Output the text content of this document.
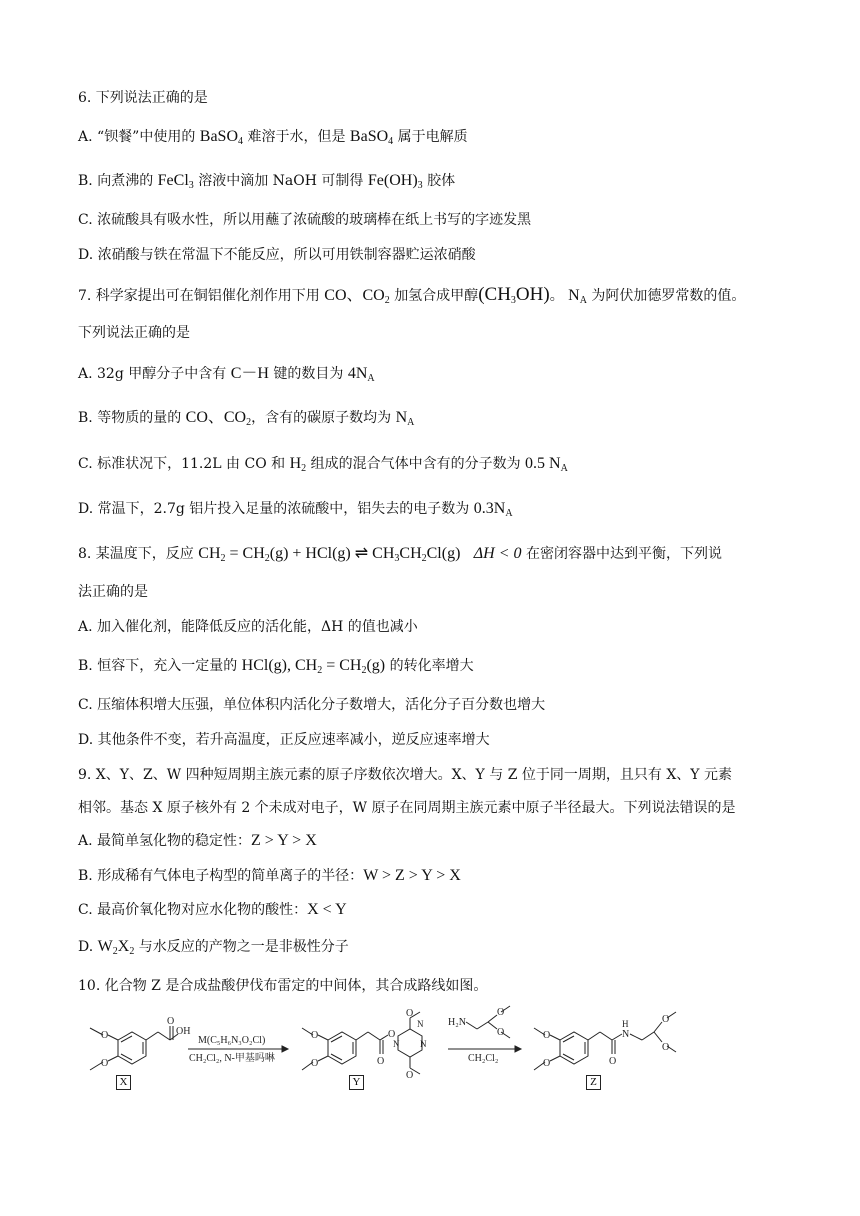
6. 下列说法正确的是
A. “钡餐”中使用的 BaSO$_4$ 难溶于水，但是 BaSO$_4$ 属于电解质
B. 向煮沸的 FeCl$_3$ 溶液中滴加 NaOH 可制得 $Fe(OH)_3$ 胶体
C. 浓硫酸具有吸水性，所以用蘸了浓硫酸的玻璃棒在纸上书写的字迹发黑
D. 浓硝酸与铁在常温下不能反应，所以可用铁制容器贮运浓硝酸
7. 科学家提出可在铜铝催化剂作用下用 CO、$CO_2$ 加氢合成甲醇$(CH_3OH)$。 $N_A$ 为阿伏加德罗常数的值。
下列说法正确的是
A. 32g 甲醇分子中含有 C－H 键的数目为 $4N_A$
B. 等物质的量的 CO、$CO_2$，含有的碳原子数均为 $N_A$
C. 标准状况下，11.2L 由 CO 和 $H_2$ 组成的混合气体中含有的分子数为 0.5 $N_A$
D. 常温下，2.7g 铝片投入足量的浓硫酸中，铝失去的电子数为 $0.3N_A$
8. 某温度下，反应 $CH_2 = CH_2(g) + HCl(g)$ ⇌ $CH_3CH_2Cl(g) \Delta H < 0$ 在密闭容器中达到平衡，下列说
法正确的是
A. 加入催化剂，能降低反应的活化能，ΔH 的值也减小
B. 恒容下，充入一定量的 HCl(g), $CH_2 = CH_2(g)$ 的转化率增大
C. 压缩体积增大压强，单位体积内活化分子数增大，活化分子百分数也增大
D. 其他条件不变，若升高温度，正反应速率减小，逆反应速率增大
9. X、Y、Z、W 四种短周期主族元素的原子序数依次增大。X、Y 与 Z 位于同一周期，且只有 X、Y 元素
相邻。基态 X 原子核外有 2 个未成对电子，W 原子在同周期主族元素中原子半径最大。下列说法错误的是
A. 最简单氢化物的稳定性：Z > Y > X
B. 形成稀有气体电子构型的简单离子的半径：W > Z > Y > X
C. 最高价氧化物对应水化物的酸性：X < Y
D. $W_2X_2$ 与水反应的产物之一是非极性分子
10. 化合物 Z 是合成盐酸伊伐布雷定的中间体，其合成路线如图。
O
O
O
OH
M(C₅H₆N₃O₂Cl)
CH₂Cl₂, N-甲基吗啉
O
O	O
O
O
O
N
N
N
H₂N
O
O
CH₂Cl₂
O
O	O
H
N
O
O
X	Y	Z
